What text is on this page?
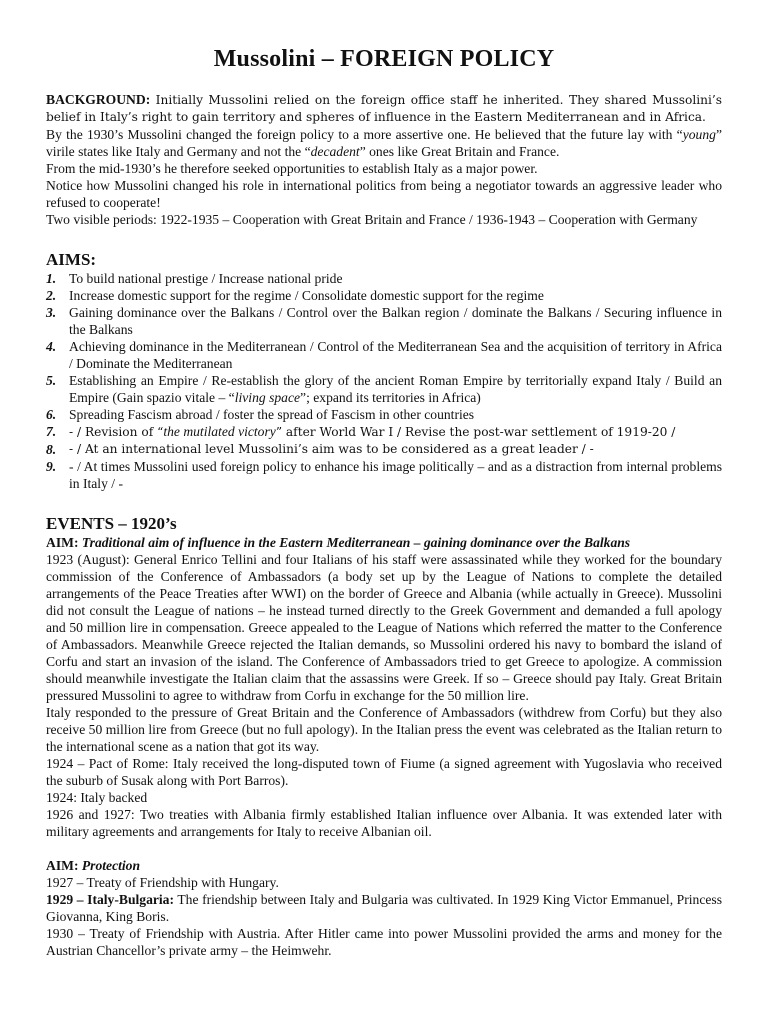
Mussolini – FOREIGN POLICY

BACKGROUND: Initially Mussolini relied on the foreign office staff he inherited. They shared Mussolini’s belief in Italy’s right to gain territory and spheres of influence in the Eastern Mediterranean and in Africa.

By the 1930’s Mussolini changed the foreign policy to a more assertive one. He believed that the future lay with “young” virile states like Italy and Germany and not the “decadent” ones like Great Britain and France.

From the mid-1930’s he therefore seeked opportunities to establish Italy as a major power.

Notice how Mussolini changed his role in international politics from being a negotiator towards an aggressive leader who refused to cooperate!

Two visible periods: 1922-1935 – Cooperation with Great Britain and France / 1936-1943 – Cooperation with Germany

AIMS:
1. To build national prestige / Increase national pride
2. Increase domestic support for the regime / Consolidate domestic support for the regime
3. Gaining dominance over the Balkans / Control over the Balkan region / dominate the Balkans / Securing influence in the Balkans
4. Achieving dominance in the Mediterranean / Control of the Mediterranean Sea and the acquisition of territory in Africa / Dominate the Mediterranean
5. Establishing an Empire / Re-establish the glory of the ancient Roman Empire by territorially expand Italy / Build an Empire (Gain spazio vitale – “living space”; expand its territories in Africa)
6. Spreading Fascism abroad / foster the spread of Fascism in other countries
7. - / Revision of “the mutilated victory” after World War I / Revise the post-war settlement of 1919-20 /
8. - / At an international level Mussolini’s aim was to be considered as a great leader / -
9. - / At times Mussolini used foreign policy to enhance his image politically – and as a distraction from internal problems in Italy / -
EVENTS – 1920’s

AIM: Traditional aim of influence in the Eastern Mediterranean – gaining dominance over the Balkans

1923 (August): General Enrico Tellini and four Italians of his staff were assassinated while they worked for the boundary commission of the Conference of Ambassadors (a body set up by the League of Nations to complete the detailed arrangements of the Peace Treaties after WWI) on the border of Greece and Albania (while actually in Greece). Mussolini did not consult the League of nations – he instead turned directly to the Greek Government and demanded a full apology and 50 million lire in compensation. Greece appealed to the League of Nations which referred the matter to the Conference of Ambassadors. Meanwhile Greece rejected the Italian demands, so Mussolini ordered his navy to bombard the island of Corfu and start an invasion of the island. The Conference of Ambassadors tried to get Greece to apologize. A commission should meanwhile investigate the Italian claim that the assassins were Greek. If so – Greece should pay Italy. Great Britain pressured Mussolini to agree to withdraw from Corfu in exchange for the 50 million lire.

Italy responded to the pressure of Great Britain and the Conference of Ambassadors (withdrew from Corfu) but they also receive 50 million lire from Greece (but no full apology). In the Italian press the event was celebrated as the Italian return to the international scene as a nation that got its way.

1924 – Pact of Rome: Italy received the long-disputed town of Fiume (a signed agreement with Yugoslavia who received the suburb of Susak along with Port Barros).

1924: Italy backed

1926 and 1927: Two treaties with Albania firmly established Italian influence over Albania. It was extended later with military agreements and arrangements for Italy to receive Albanian oil.

AIM: Protection

1927 – Treaty of Friendship with Hungary.

1929 – Italy-Bulgaria: The friendship between Italy and Bulgaria was cultivated. In 1929 King Victor Emmanuel, Princess Giovanna, King Boris.

1930 – Treaty of Friendship with Austria. After Hitler came into power Mussolini provided the arms and money for the Austrian Chancellor’s private army – the Heimwehr.
